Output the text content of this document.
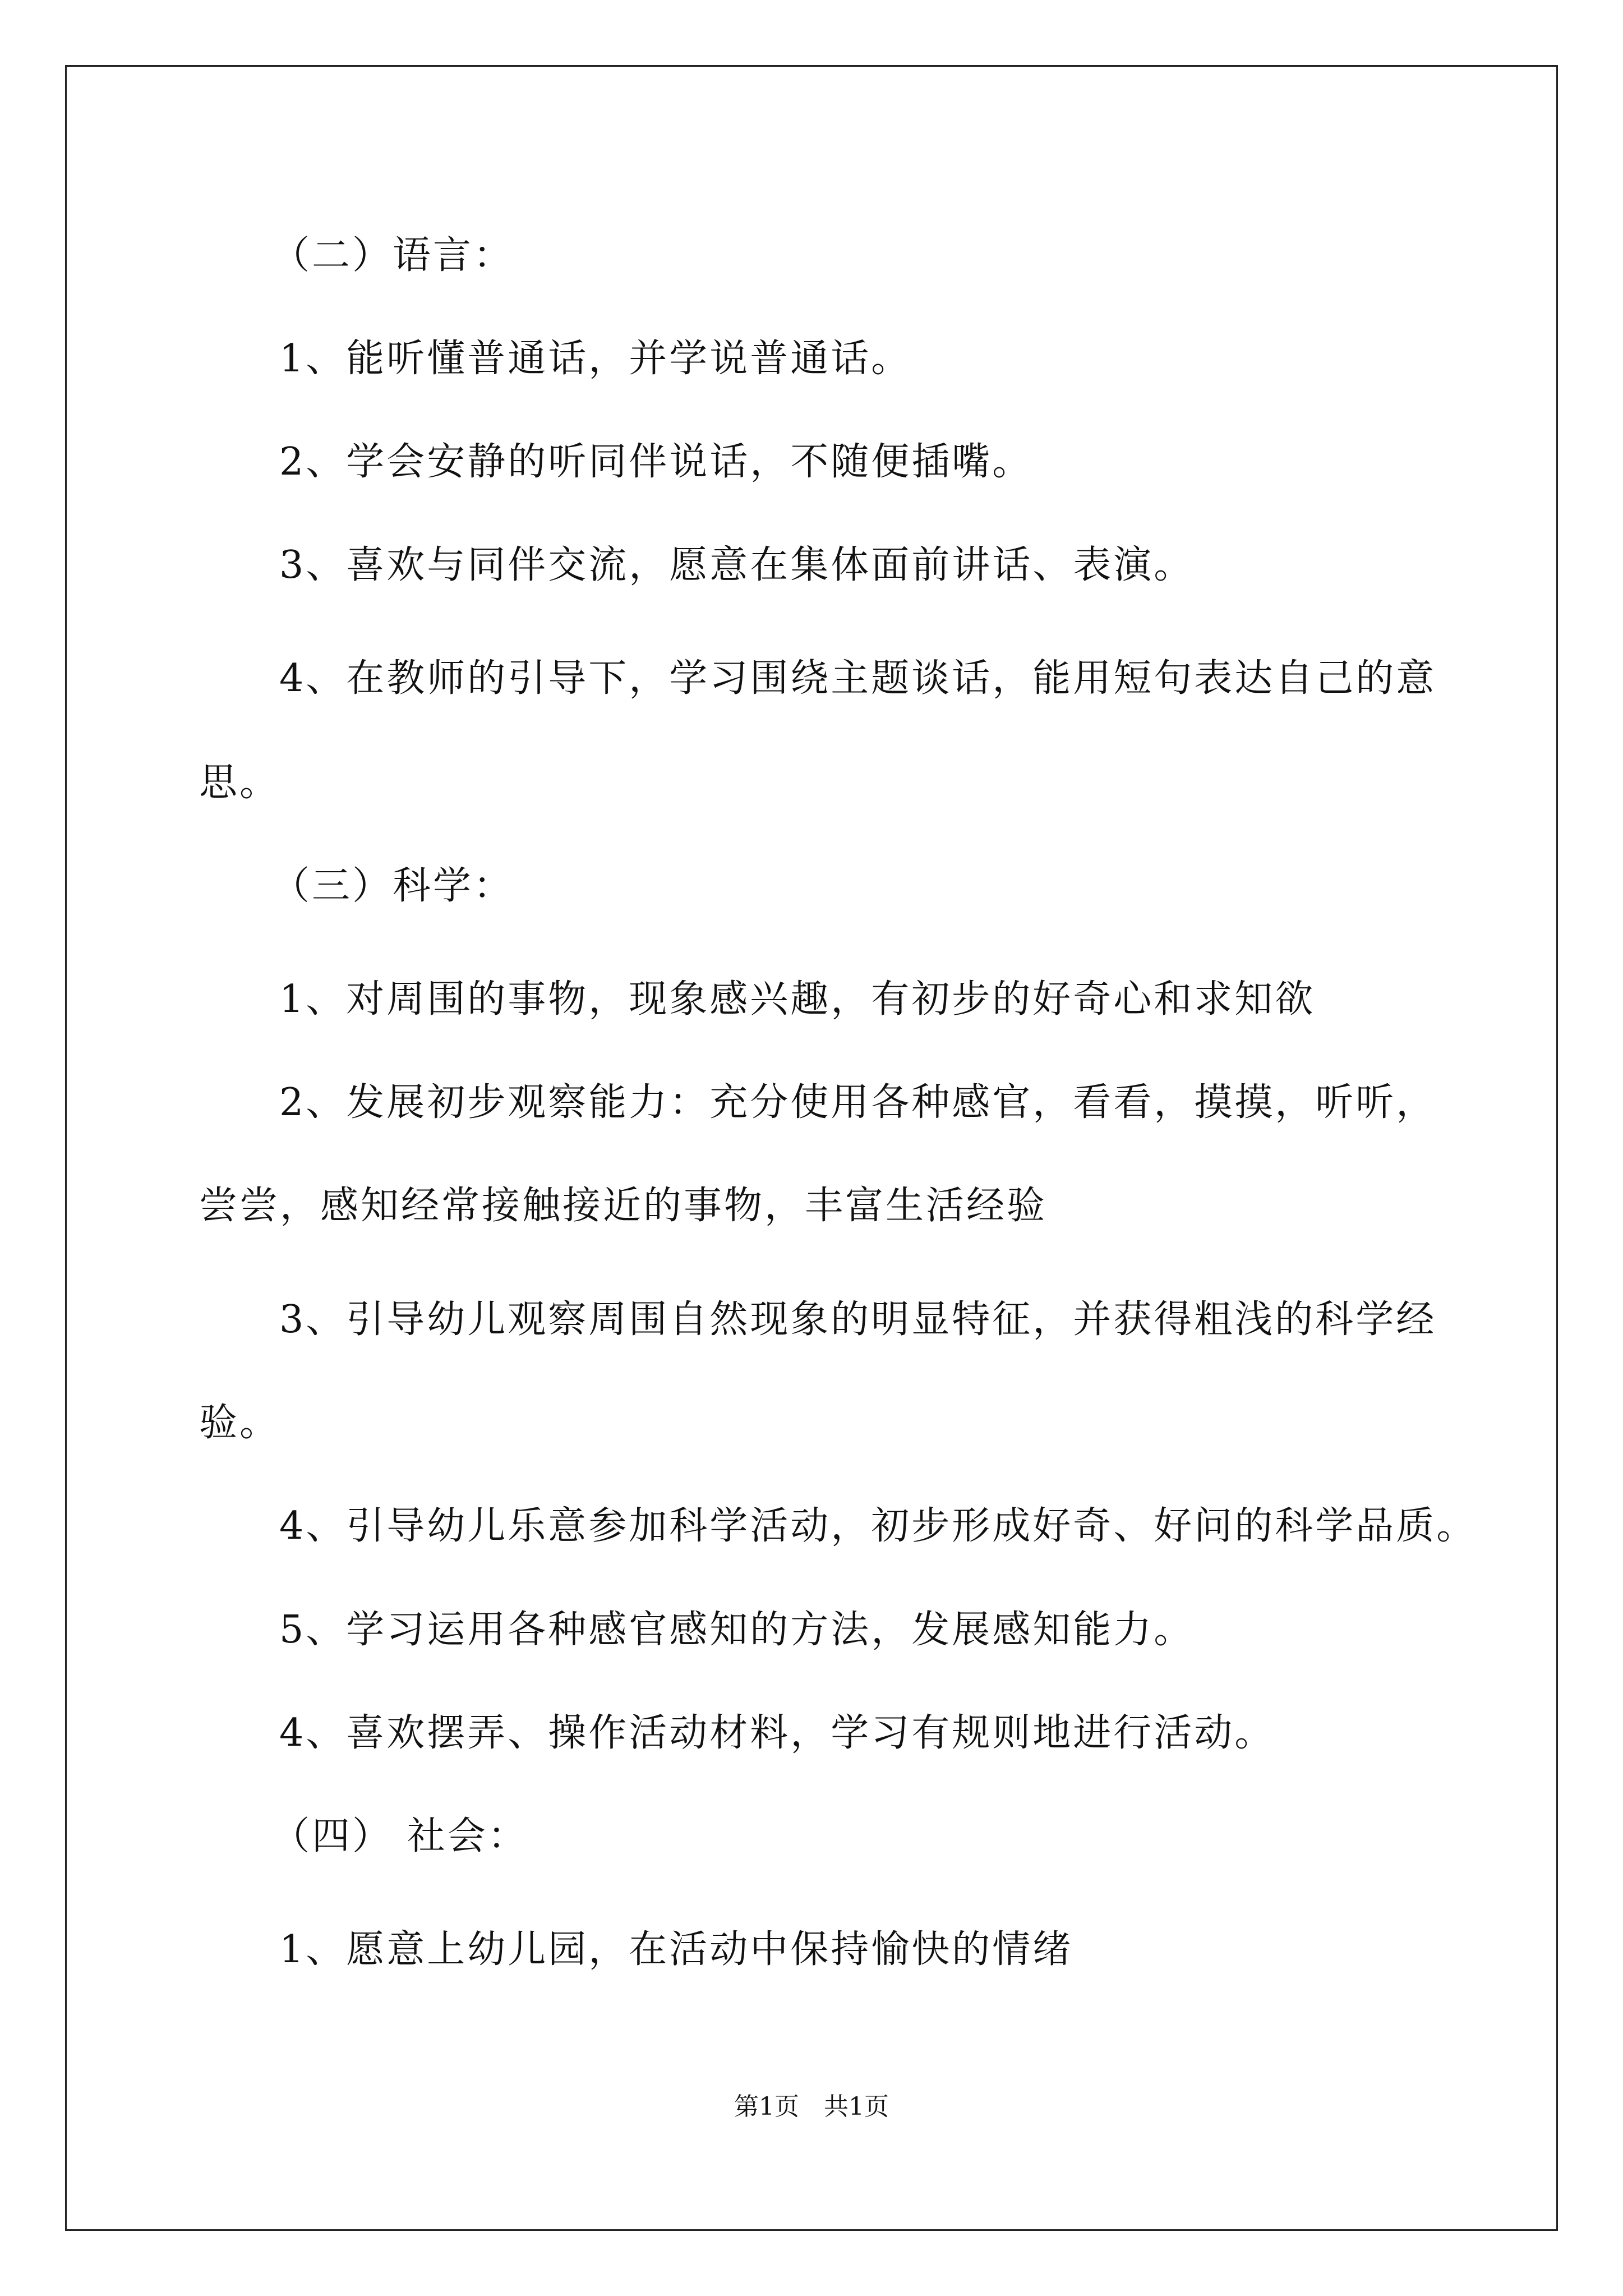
（二）语言：
1、能听懂普通话，并学说普通话。
2、学会安静的听同伴说话，不随便插嘴。
3、喜欢与同伴交流，愿意在集体面前讲话、表演。
4、在教师的引导下，学习围绕主题谈话，能用短句表达自己的意
思。
（三）科学：
1、对周围的事物，现象感兴趣，有初步的好奇心和求知欲
2、发展初步观察能力：充分使用各种感官，看看，摸摸，听听，
尝尝，感知经常接触接近的事物，丰富生活经验
3、引导幼儿观察周围自然现象的明显特征，并获得粗浅的科学经
验。
4、引导幼儿乐意参加科学活动，初步形成好奇、好问的科学品质。
5、学习运用各种感官感知的方法，发展感知能力。
4、喜欢摆弄、操作活动材料，学习有规则地进行活动。
（四） 社会：
1、愿意上幼儿园，在活动中保持愉快的情绪
第1页　共1页
